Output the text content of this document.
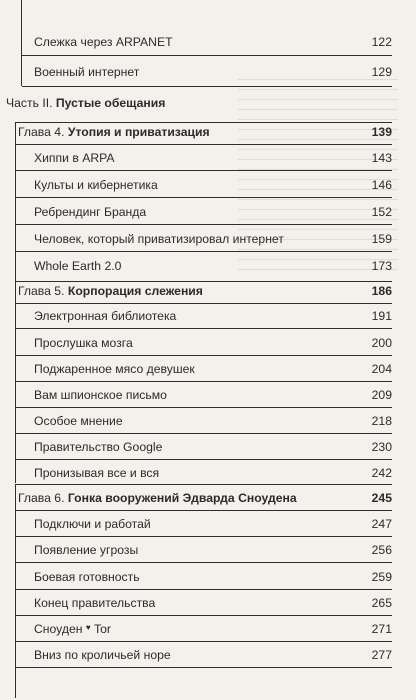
Слежка через ARPANET	122
Военный интернет	129
Часть II. Пустые обещания
Глава 4. Утопия и приватизация	139
Хиппи в ARPA	143
Культы и кибернетика	146
Ребрендинг Бранда	152
Человек, который приватизировал интернет	159
Whole Earth 2.0	173
Глава 5. Корпорация слежения	186
Электронная библиотека	191
Прослушка мозга	200
Поджаренное мясо девушек	204
Вам шпионское письмо	209
Особое мнение	218
Правительство Google	230
Пронизывая все и вся	242
Глава 6. Гонка вооружений Эдварда Сноудена	245
Подключи и работай	247
Появление угрозы	256
Боевая готовность	259
Конец правительства	265
Сноуден ♥ Tor	271
Вниз по кроличьей норе	277
